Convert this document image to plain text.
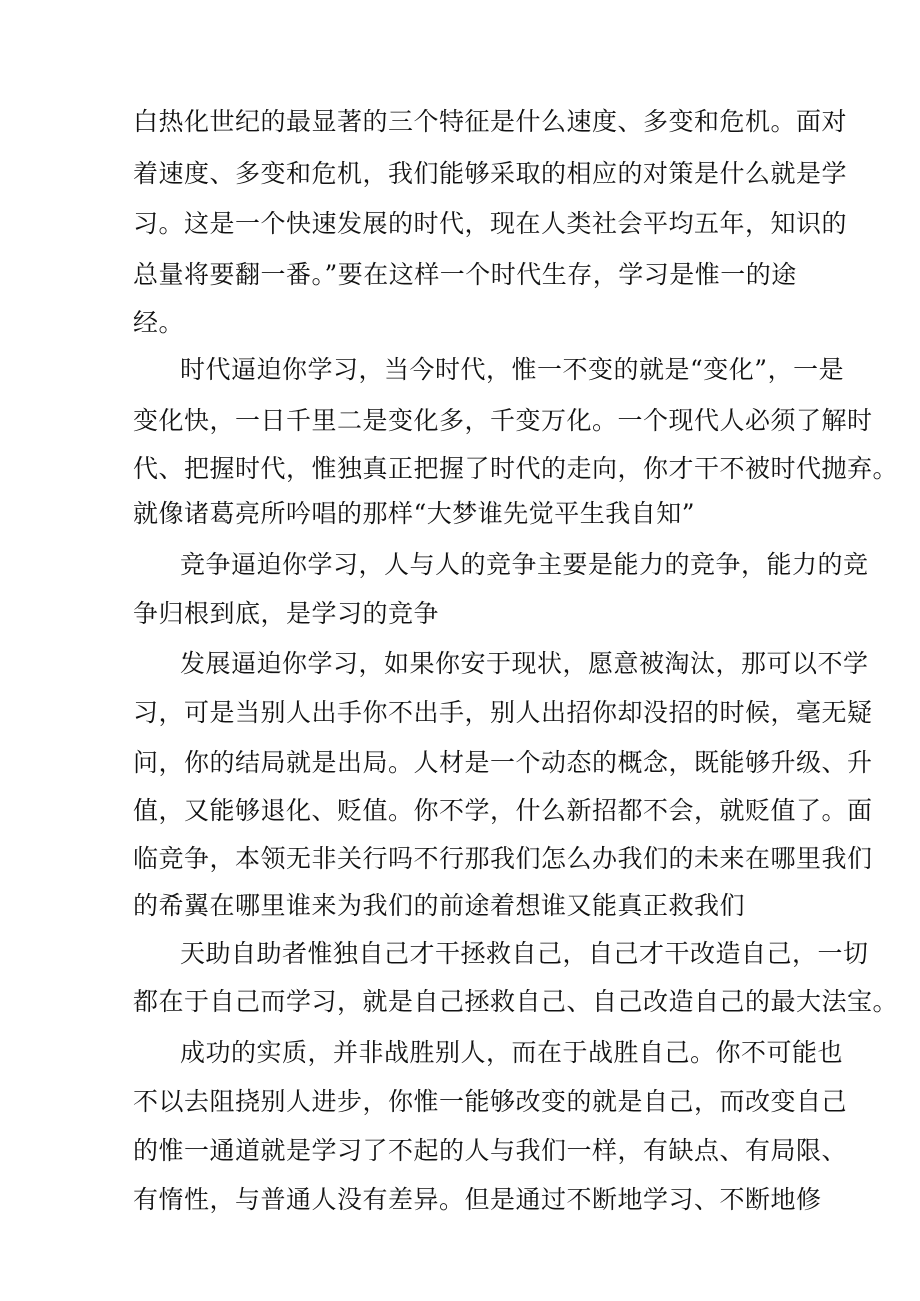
白热化世纪的最显著的三个特征是什么速度、多变和危机。面对
着速度、多变和危机，我们能够采取的相应的对策是什么就是学
习。这是一个快速发展的时代，现在人类社会平均五年，知识的
总量将要翻一番。”要在这样一个时代生存，学习是惟一的途
经。
时代逼迫你学习，当今时代，惟一不变的就是“变化”，一是
变化快，一日千里二是变化多，千变万化。一个现代人必须了解时
代、把握时代，惟独真正把握了时代的走向，你才干不被时代抛弃。
就像诸葛亮所吟唱的那样“大梦谁先觉平生我自知”
竞争逼迫你学习，人与人的竞争主要是能力的竞争，能力的竞
争归根到底，是学习的竞争
发展逼迫你学习，如果你安于现状，愿意被淘汰，那可以不学
习，可是当别人出手你不出手，别人出招你却没招的时候，毫无疑
问，你的结局就是出局。人材是一个动态的概念，既能够升级、升
值，又能够退化、贬值。你不学，什么新招都不会，就贬值了。面
临竞争，本领无非关行吗不行那我们怎么办我们的未来在哪里我们
的希翼在哪里谁来为我们的前途着想谁又能真正救我们
天助自助者惟独自己才干拯救自己，自己才干改造自己，一切
都在于自己而学习，就是自己拯救自己、自己改造自己的最大法宝。
成功的实质，并非战胜别人，而在于战胜自己。你不可能也
不以去阻挠别人进步，你惟一能够改变的就是自己，而改变自己
的惟一通道就是学习了不起的人与我们一样，有缺点、有局限、
有惰性，与普通人没有差异。但是通过不断地学习、不断地修
